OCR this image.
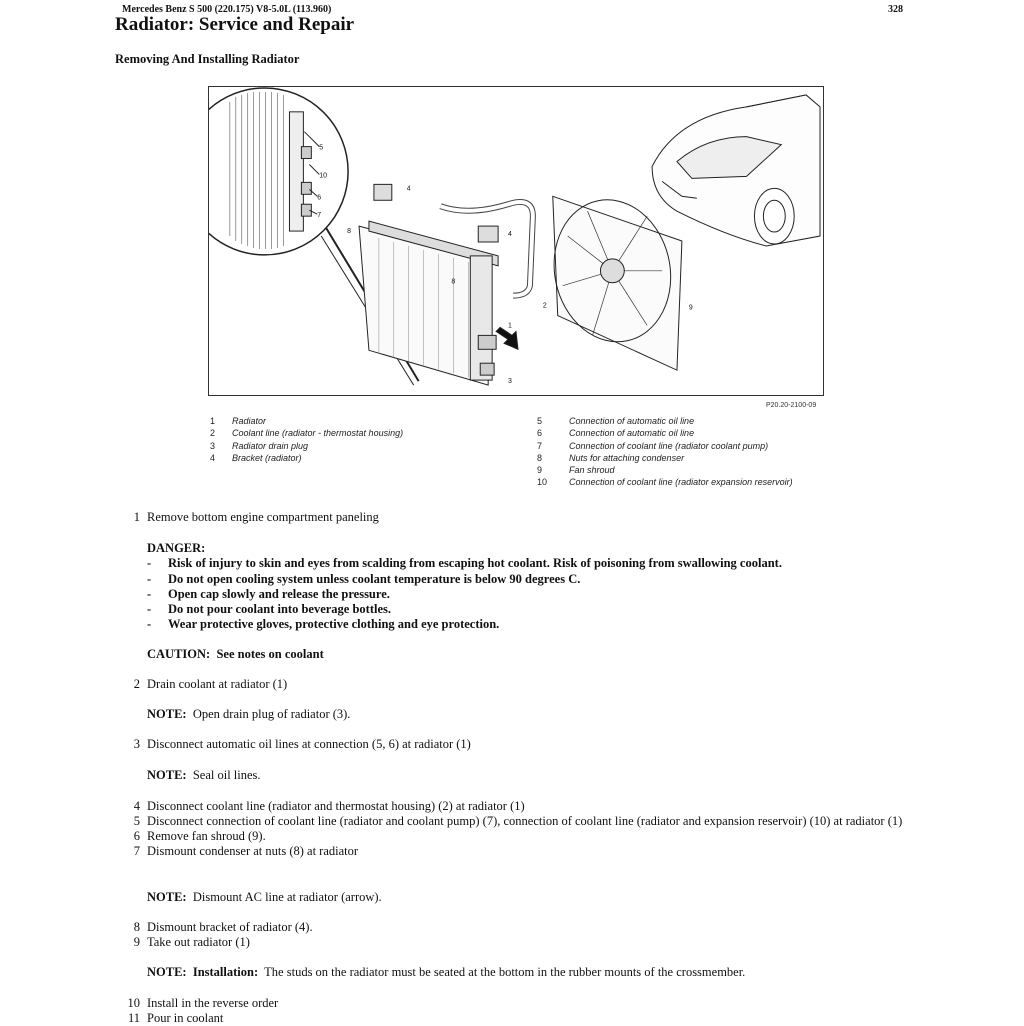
Mercedes Benz S 500 (220.175) V8-5.0L (113.960)	328
Radiator: Service and Repair
Removing And Installing Radiator
5
10
6
7
4
8	4
8
2
1
3
9
P20.20-2100-09
1 Radiator
2 Coolant line (radiator - thermostat housing)
3 Radiator drain plug
4 Bracket (radiator)
5	Connection of automatic oil line
6	Connection of automatic oil line
7	Connection of coolant line (radiator coolant pump)
8	Nuts for attaching condenser
9	Fan shroud
10 Connection of coolant line (radiator expansion reservoir)
1 Remove bottom engine compartment paneling
DANGER:
- Risk of injury to skin and eyes from scalding from escaping hot coolant. Risk of poisoning from swallowing coolant.
- Do not open cooling system unless coolant temperature is below 90 degrees C.
- Open cap slowly and release the pressure.
- Do not pour coolant into beverage bottles.
- Wear protective gloves, protective clothing and eye protection.
CAUTION: See notes on coolant
2 Drain coolant at radiator (1)
NOTE: Open drain plug of radiator (3).
3 Disconnect automatic oil lines at connection (5, 6) at radiator (1)
NOTE: Seal oil lines.
4 Disconnect coolant line (radiator and thermostat housing) (2) at radiator (1)
5 Disconnect connection of coolant line (radiator and coolant pump) (7), connection of coolant line (radiator and expansion reservoir) (10) at radiator (1)
6 Remove fan shroud (9).
7 Dismount condenser at nuts (8) at radiator
NOTE: Dismount AC line at radiator (arrow).
8 Dismount bracket of radiator (4).
9 Take out radiator (1)
NOTE: Installation: The studs on the radiator must be seated at the bottom in the rubber mounts of the crossmember.
10 Install in the reverse order
11 Pour in coolant
